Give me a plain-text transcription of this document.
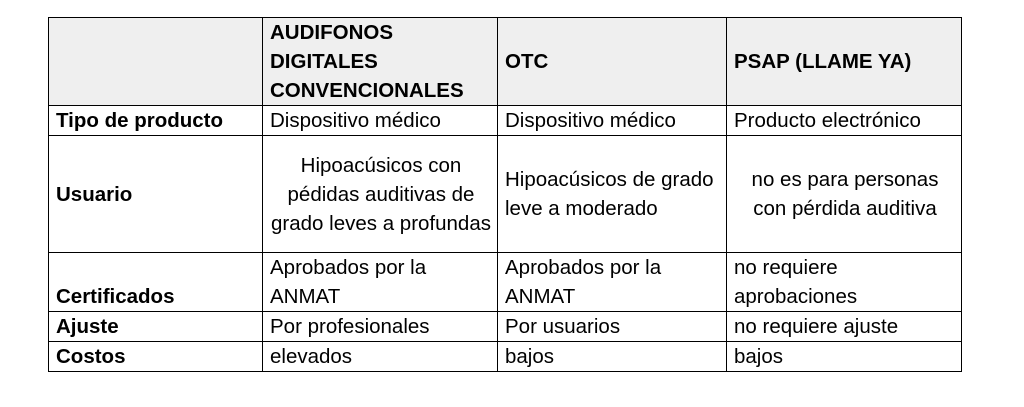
	AUDIFONOS DIGITALES CONVENCIONALES	OTC	PSAP (LLAME YA)
Tipo de producto	Dispositivo médico	Dispositivo médico	Producto electrónico
Usuario	Hipoacúsicos con pédidas auditivas de grado leves a profundas	Hipoacúsicos de grado leve a moderado	no es para personas con pérdida auditiva
Certificados	Aprobados por la ANMAT	Aprobados por la ANMAT	no requiere aprobaciones
Ajuste	Por profesionales	Por usuarios	no requiere ajuste
Costos	elevados	bajos	bajos
